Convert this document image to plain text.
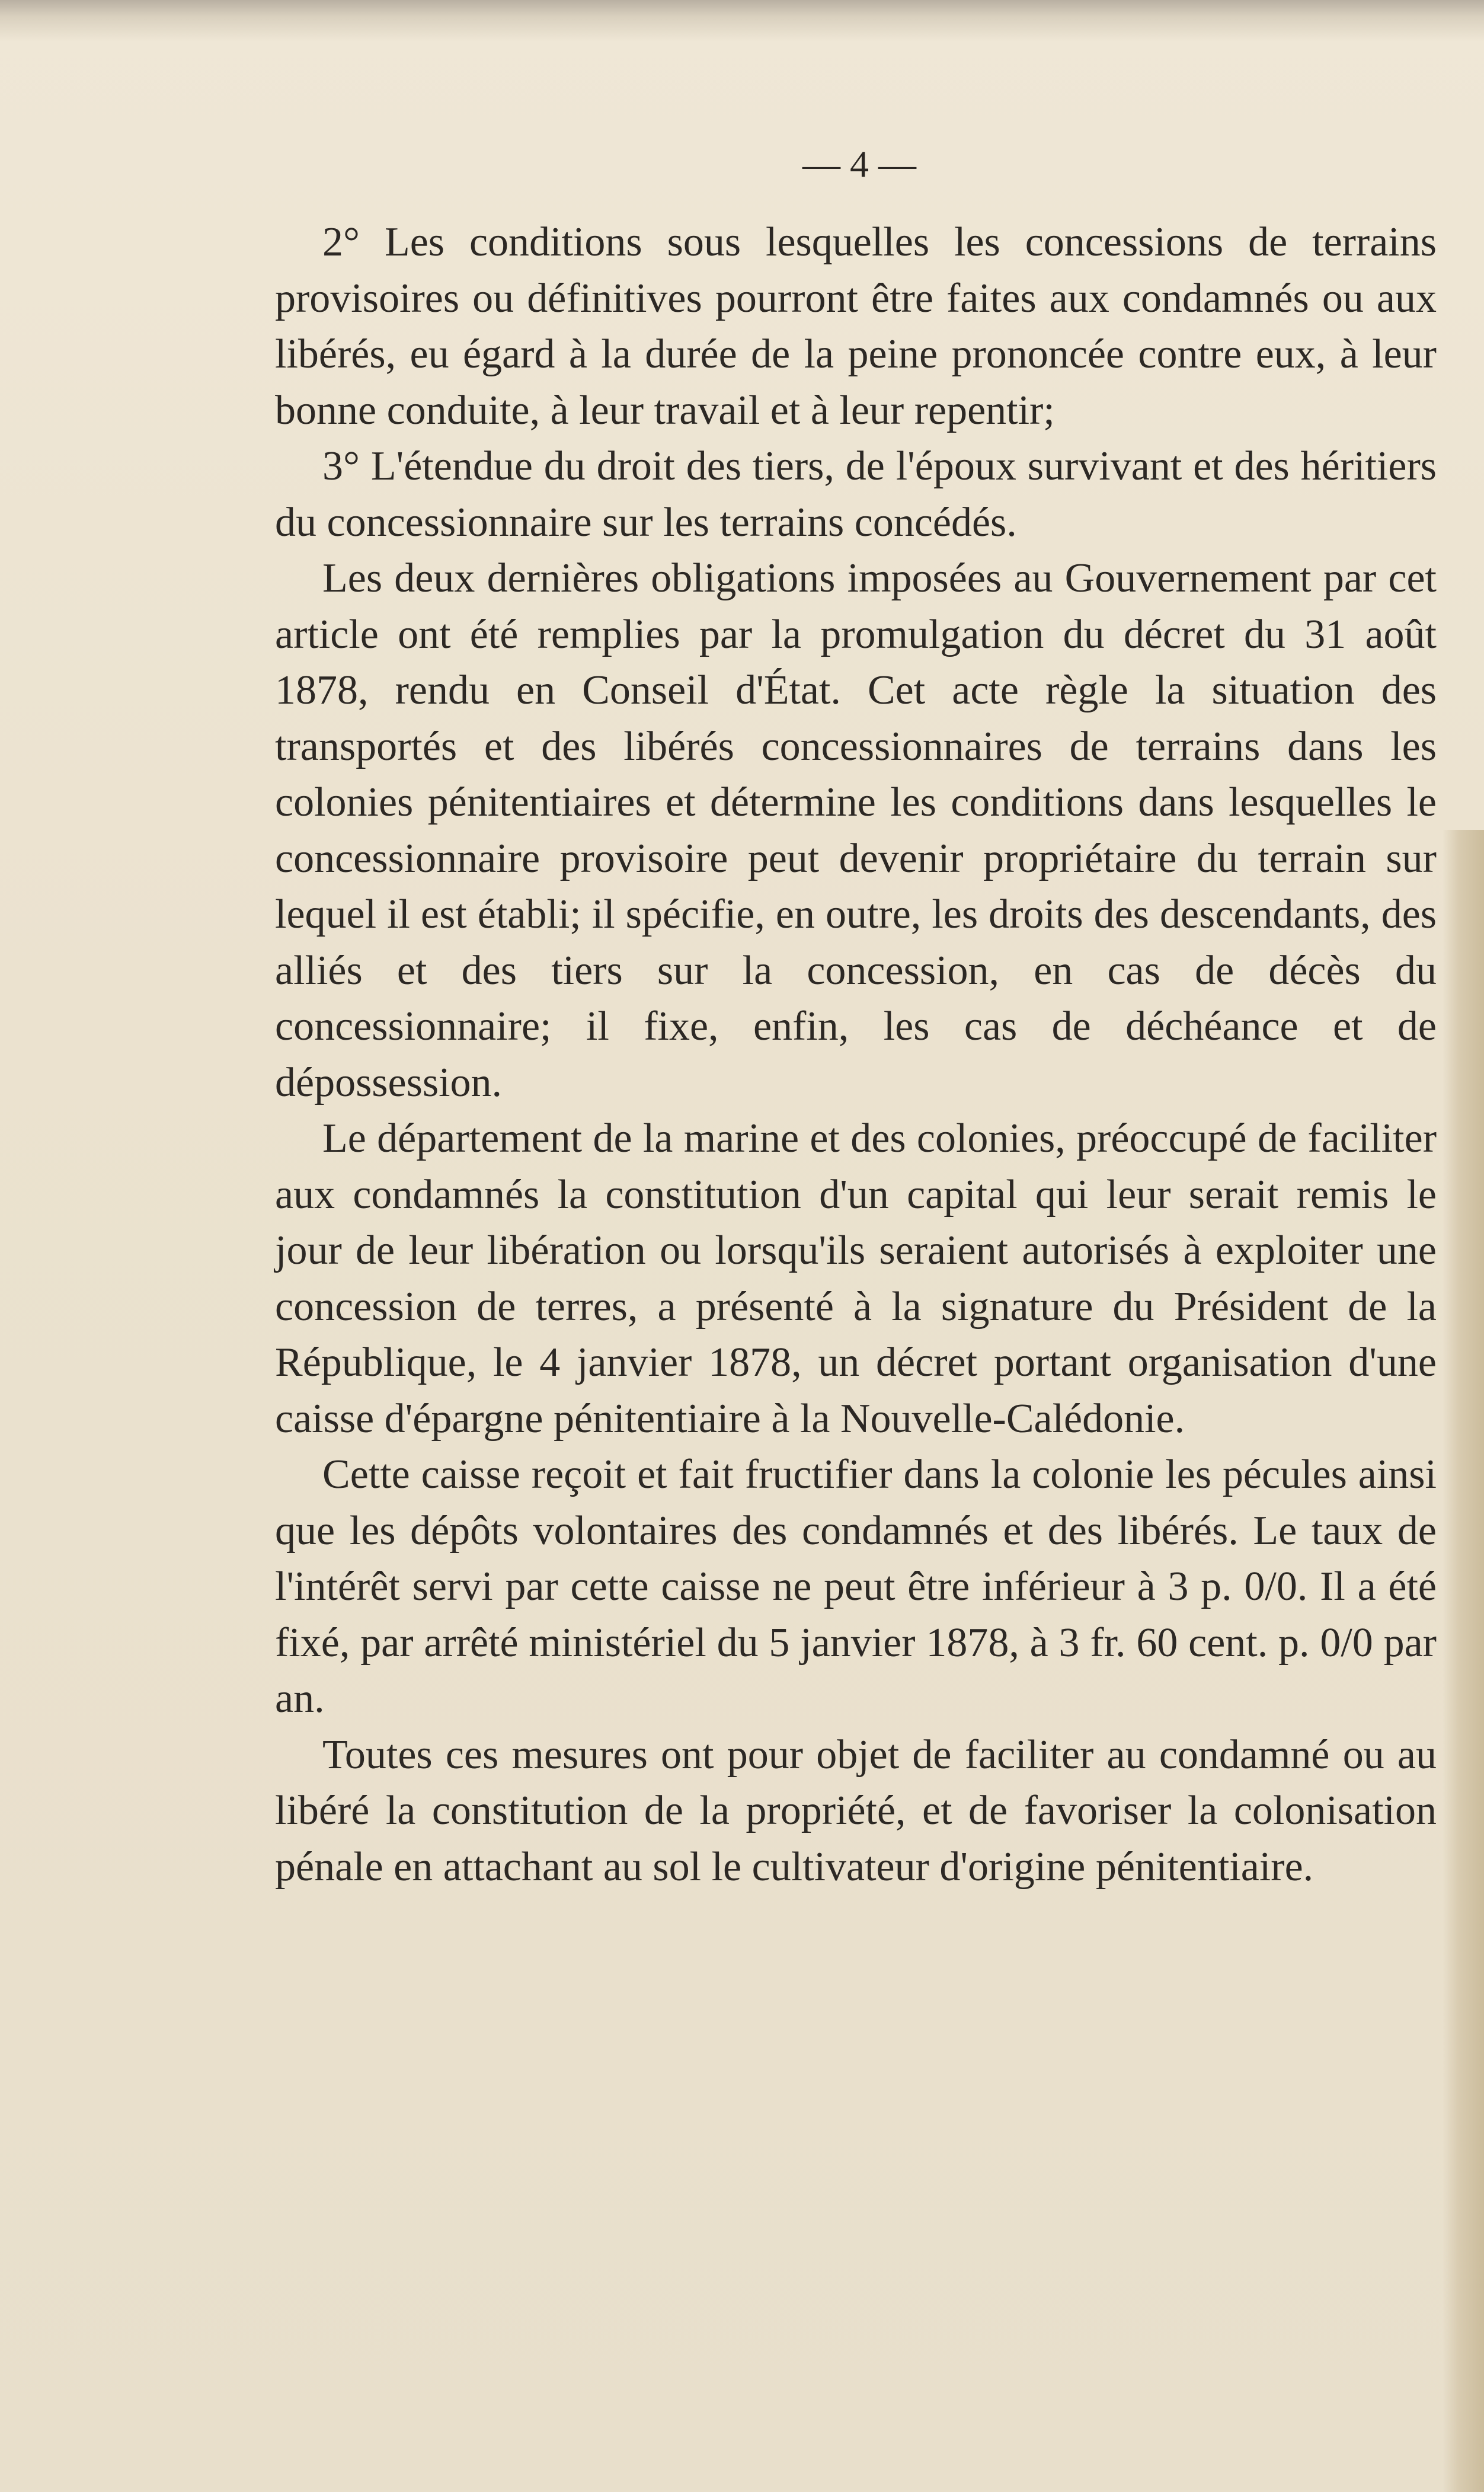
— 4 —

2° Les conditions sous lesquelles les concessions de terrains provisoires ou définitives pourront être faites aux condamnés ou aux libérés, eu égard à la durée de la peine prononcée contre eux, à leur bonne conduite, à leur travail et à leur repentir;

3° L'étendue du droit des tiers, de l'époux survivant et des héritiers du concessionnaire sur les terrains concédés.

Les deux dernières obligations imposées au Gouvernement par cet article ont été remplies par la promulgation du décret du 31 août 1878, rendu en Conseil d'État. Cet acte règle la situation des transportés et des libérés concessionnaires de terrains dans les colonies pénitentiaires et détermine les conditions dans lesquelles le concessionnaire provisoire peut devenir propriétaire du terrain sur lequel il est établi; il spécifie, en outre, les droits des descendants, des alliés et des tiers sur la concession, en cas de décès du concessionnaire; il fixe, enfin, les cas de déchéance et de dépossession.

Le département de la marine et des colonies, préoccupé de faciliter aux condamnés la constitution d'un capital qui leur serait remis le jour de leur libération ou lorsqu'ils seraient autorisés à exploiter une concession de terres, a présenté à la signature du Président de la République, le 4 janvier 1878, un décret portant organisation d'une caisse d'épargne pénitentiaire à la Nouvelle-Calédonie.

Cette caisse reçoit et fait fructifier dans la colonie les pécules ainsi que les dépôts volontaires des condamnés et des libérés. Le taux de l'intérêt servi par cette caisse ne peut être inférieur à 3 p. 0/0. Il a été fixé, par arrêté ministériel du 5 janvier 1878, à 3 fr. 60 cent. p. 0/0 par an.

Toutes ces mesures ont pour objet de faciliter au condamné ou au libéré la constitution de la propriété, et de favoriser la colonisation pénale en attachant au sol le cultivateur d'origine pénitentiaire.
